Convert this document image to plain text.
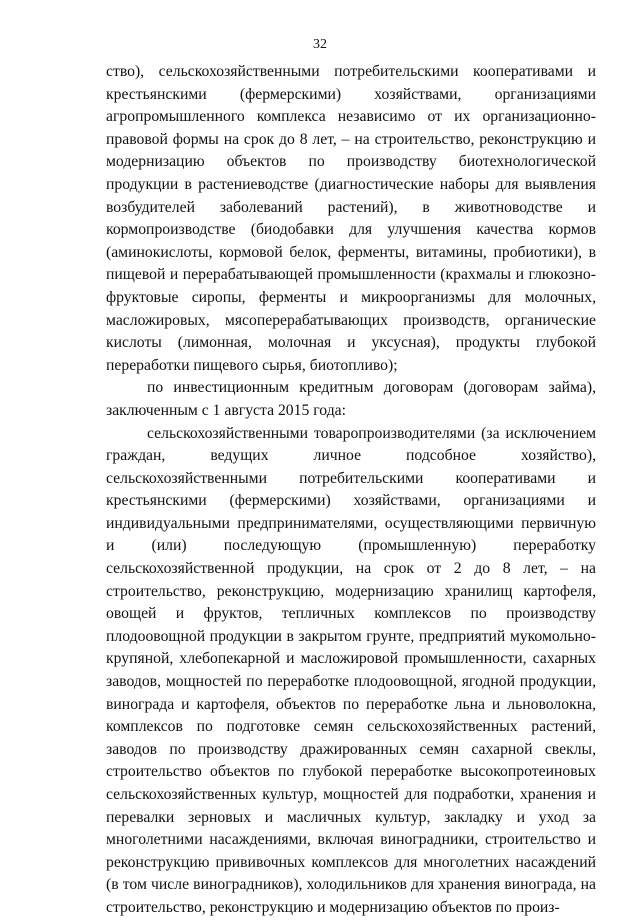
32

ство), сельскохозяйственными потребительскими кооперативами и крестьянскими (фермерскими) хозяйствами, организациями агропромышленного комплекса независимо от их организационно-правовой формы на срок до 8 лет, – на строительство, реконструкцию и модернизацию объектов по производству биотехнологической продукции в растениеводстве (диагностические наборы для выявления возбудителей заболеваний растений), в животноводстве и кормопроизводстве (биодобавки для улучшения качества кормов (аминокислоты, кормовой белок, ферменты, витамины, пробиотики), в пищевой и перерабатывающей промышленности (крахмалы и глюкозно-фруктовые сиропы, ферменты и микроорганизмы для молочных, масложировых, мясоперерабатывающих производств, органические кислоты (лимонная, молочная и уксусная), продукты глубокой переработки пищевого сырья, биотопливо);

по инвестиционным кредитным договорам (договорам займа), заключенным с 1 августа 2015 года:

сельскохозяйственными товаропроизводителями (за исключением граждан, ведущих личное подсобное хозяйство), сельскохозяйственными потребительскими кооперативами и крестьянскими (фермерскими) хозяйствами, организациями и индивидуальными предпринимателями, осуществляющими первичную и (или) последующую (промышленную) переработку сельскохозяйственной продукции, на срок от 2 до 8 лет, – на строительство, реконструкцию, модернизацию хранилищ картофеля, овощей и фруктов, тепличных комплексов по производству плодоовощной продукции в закрытом грунте, предприятий мукомольно-крупяной, хлебопекарной и масложировой промышленности, сахарных заводов, мощностей по переработке плодоовощной, ягодной продукции, винограда и картофеля, объектов по переработке льна и льноволокна, комплексов по подготовке семян сельскохозяйственных растений, заводов по производству дражированных семян сахарной свеклы, строительство объектов по глубокой переработке высокопротеиновых сельскохозяйственных культур, мощностей для подработки, хранения и перевалки зерновых и масличных культур, закладку и уход за многолетними насаждениями, включая виноградники, строительство и реконструкцию прививочных комплексов для многолетних насаждений (в том числе виноградников), холодильников для хранения винограда, на строительство, реконструкцию и модернизацию объектов по произ-
